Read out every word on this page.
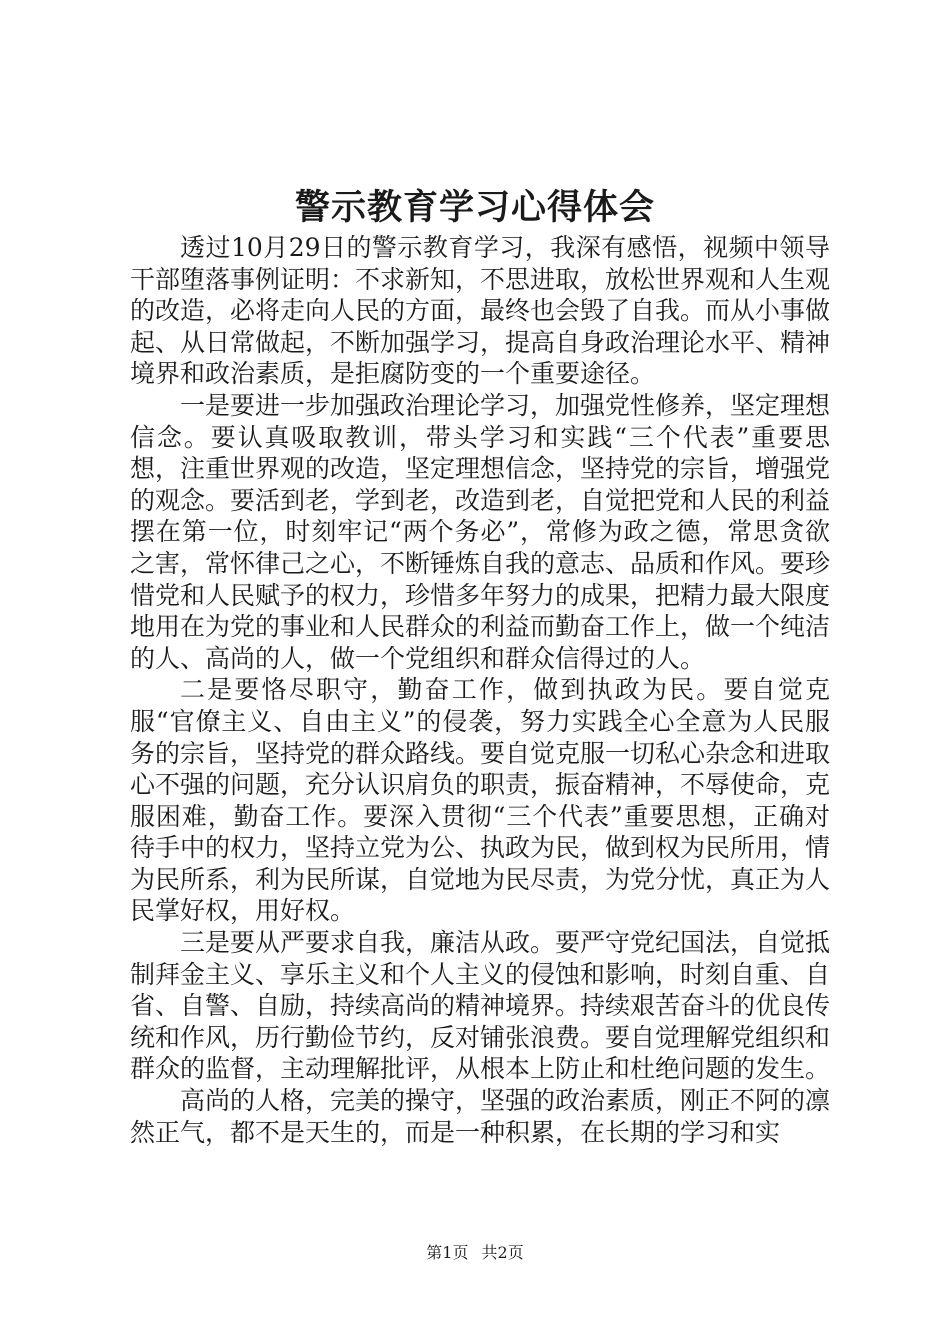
警示教育学习心得体会

透过10月29日的警示教育学习，我深有感悟，视频中领导干部堕落事例证明：不求新知，不思进取，放松世界观和人生观的改造，必将走向人民的方面，最终也会毁了自我。而从小事做起、从日常做起，不断加强学习，提高自身政治理论水平、精神境界和政治素质，是拒腐防变的一个重要途径。

一是要进一步加强政治理论学习，加强党性修养，坚定理想信念。要认真吸取教训，带头学习和实践“三个代表”重要思想，注重世界观的改造，坚定理想信念，坚持党的宗旨，增强党的观念。要活到老，学到老，改造到老，自觉把党和人民的利益摆在第一位，时刻牢记“两个务必”，常修为政之德，常思贪欲之害，常怀律己之心，不断锤炼自我的意志、品质和作风。要珍惜党和人民赋予的权力，珍惜多年努力的成果，把精力最大限度地用在为党的事业和人民群众的利益而勤奋工作上，做一个纯洁的人、高尚的人，做一个党组织和群众信得过的人。

二是要恪尽职守，勤奋工作，做到执政为民。要自觉克服“官僚主义、自由主义”的侵袭，努力实践全心全意为人民服务的宗旨，坚持党的群众路线。要自觉克服一切私心杂念和进取心不强的问题，充分认识肩负的职责，振奋精神，不辱使命，克服困难，勤奋工作。要深入贯彻“三个代表”重要思想，正确对待手中的权力，坚持立党为公、执政为民，做到权为民所用，情为民所系，利为民所谋，自觉地为民尽责，为党分忧，真正为人民掌好权，用好权。

三是要从严要求自我，廉洁从政。要严守党纪国法，自觉抵制拜金主义、享乐主义和个人主义的侵蚀和影响，时刻自重、自省、自警、自励，持续高尚的精神境界。持续艰苦奋斗的优良传统和作风，历行勤俭节约，反对铺张浪费。要自觉理解党组织和群众的监督，主动理解批评，从根本上防止和杜绝问题的发生。

高尚的人格，完美的操守，坚强的政治素质，刚正不阿的凛然正气，都不是天生的，而是一种积累，在长期的学习和实

第1页 共2页
